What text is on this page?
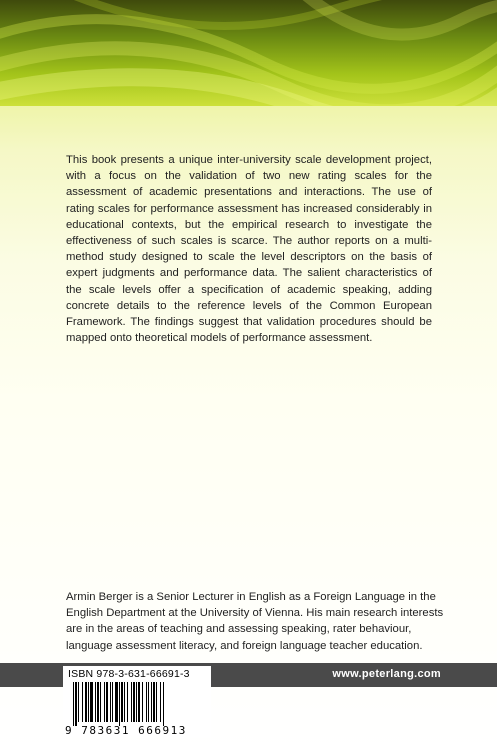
This book presents a unique inter-university scale development project, with a focus on the validation of two new rating scales for the assessment of academic presentations and interactions. The use of rating scales for performance assessment has increased considerably in educational contexts, but the empirical research to investigate the effectiveness of such scales is scarce. The author reports on a multi-method study designed to scale the level descriptors on the basis of expert judgments and performance data. The salient characteristics of the scale levels offer a specification of academic speaking, adding concrete details to the reference levels of the Common European Framework. The findings suggest that validation procedures should be mapped onto theoretical models of performance assessment.

Armin Berger is a Senior Lecturer in English as a Foreign Language in the English Department at the University of Vienna. His main research interests are in the areas of teaching and assessing speaking, rater behaviour, language assessment literacy, and foreign language teacher education.

www.peterlang.com
ISBN 978-3-631-66691-3
9 783631 666913
